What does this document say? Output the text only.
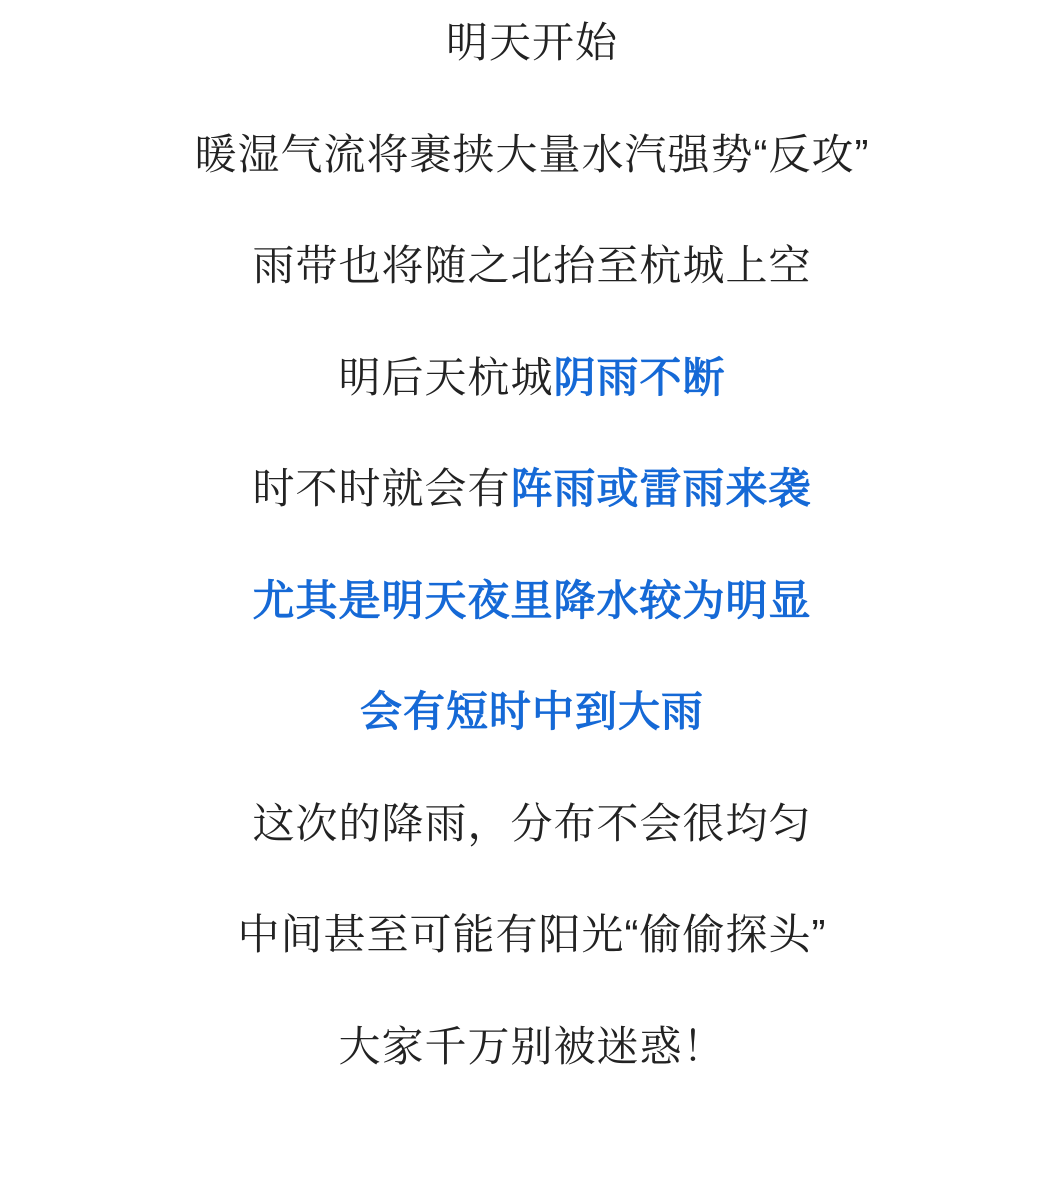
明天开始
暖湿气流将裹挟大量水汽强势“反攻”
雨带也将随之北抬至杭城上空
明后天杭城阴雨不断
时不时就会有阵雨或雷雨来袭
尤其是明天夜里降水较为明显
会有短时中到大雨
这次的降雨，分布不会很均匀
中间甚至可能有阳光“偷偷探头”
大家千万别被迷惑！
